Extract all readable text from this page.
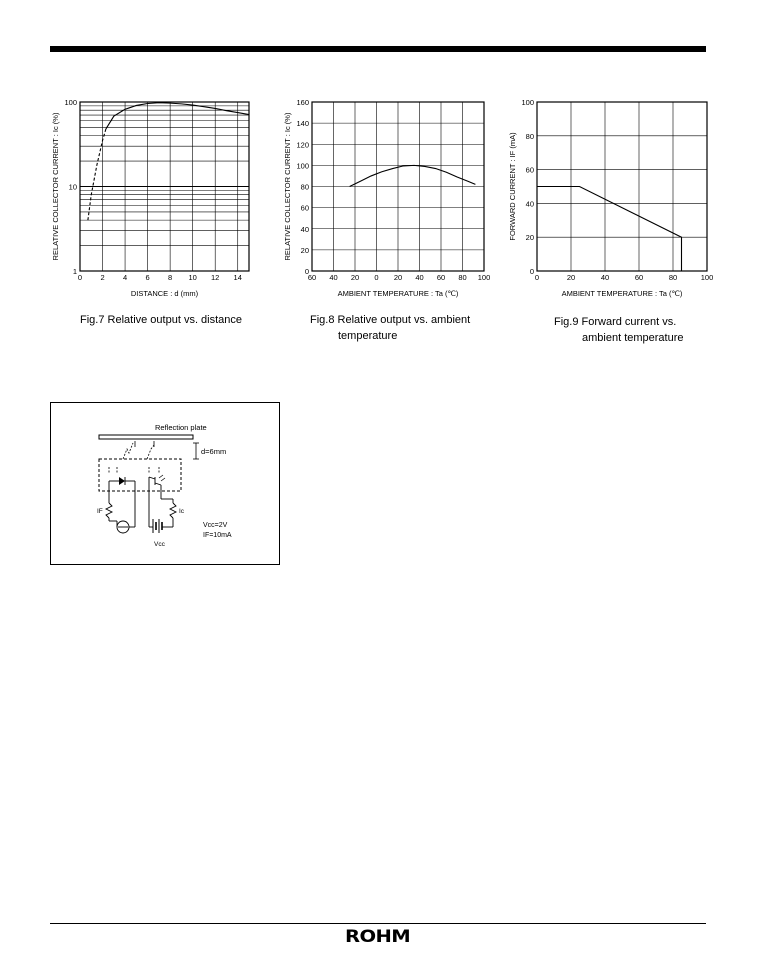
0 2 4 6 8 10 12 14
1
10
100
DISTANCE : d (mm)
RELATIVE COLLECTOR CURRENT : Ic (%)
Fig.7 Relative output vs. distance
60 40 20 0 20 40 60 80 100
0
20
40
60
80
100
120
140
160
AMBIENT TEMPERATURE : Ta (℃)
RELATIVE COLLECTOR CURRENT : Ic (%)
Fig.8 Relative output vs. ambient
temperature
0	20	40	60	80	100
0
20
40
60
80
100
AMBIENT TEMPERATURE : Ta (℃)
FORWARD CURRENT : IF (mA)
Fig.9 Forward current vs.
ambient temperature
Reflection plate
d=6mm
IF
Vcc
Ic
Vcc=2V
IF=10mA
ROHM
